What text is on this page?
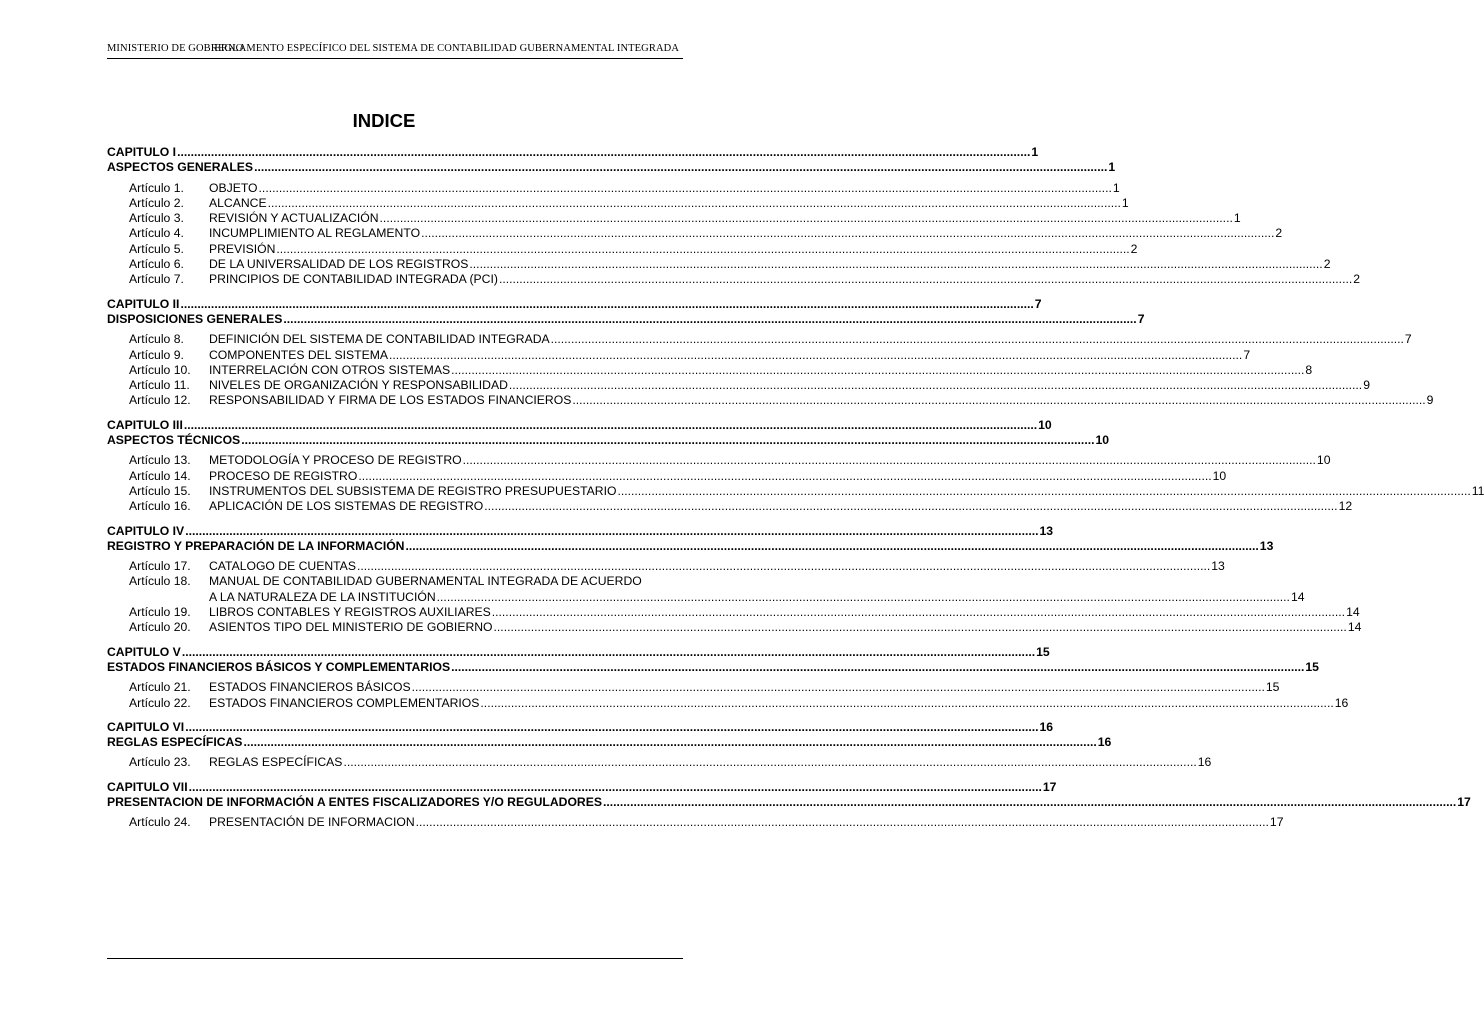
MINISTERIO DE GOBIERNO
REGLAMENTO ESPECÍFICO DEL SISTEMA DE CONTABILIDAD GUBERNAMENTAL INTEGRADA
INDICE
CAPITULO I .....	1
ASPECTOS GENERALES .....	1
Artículo 1.	OBJETO .....	1
Artículo 2.	ALCANCE .....	1
Artículo 3.	REVISIÓN Y ACTUALIZACIÓN .....	1
Artículo 4.	INCUMPLIMIENTO AL REGLAMENTO .....	2
Artículo 5.	PREVISIÓN .....	2
Artículo 6.	DE LA UNIVERSALIDAD DE LOS REGISTROS .....	2
Artículo 7.	PRINCIPIOS DE CONTABILIDAD INTEGRADA (PCI) .....	2
CAPITULO II .....	7
DISPOSICIONES GENERALES .....	7
Artículo 8.	DEFINICIÓN DEL SISTEMA DE CONTABILIDAD INTEGRADA .....	7
Artículo 9.	COMPONENTES DEL SISTEMA .....	7
Artículo 10.	INTERRELACIÓN CON OTROS SISTEMAS .....	8
Artículo 11.	NIVELES DE ORGANIZACIÓN Y RESPONSABILIDAD .....	9
Artículo 12.	RESPONSABILIDAD Y FIRMA DE LOS ESTADOS FINANCIEROS .....	9
CAPITULO III .....	10
ASPECTOS TÉCNICOS .....	10
Artículo 13.	METODOLOGÍA Y PROCESO DE REGISTRO .....	10
Artículo 14.	PROCESO DE REGISTRO .....	10
Artículo 15.	INSTRUMENTOS DEL SUBSISTEMA DE REGISTRO PRESUPUESTARIO .....	11
Artículo 16.	APLICACIÓN DE LOS SISTEMAS DE REGISTRO .....	12
CAPITULO IV .....	13
REGISTRO Y PREPARACIÓN DE LA INFORMACIÓN .....	13
Artículo 17.	CATALOGO DE CUENTAS .....	13
Artículo 18.	MANUAL DE CONTABILIDAD GUBERNAMENTAL INTEGRADA DE ACUERDO
A LA NATURALEZA DE LA INSTITUCIÓN .....	14
Artículo 19.	LIBROS CONTABLES Y REGISTROS AUXILIARES .....	14
Artículo 20.	ASIENTOS TIPO DEL MINISTERIO DE GOBIERNO .....	14
CAPITULO V .....	15
ESTADOS FINANCIEROS BÁSICOS Y COMPLEMENTARIOS .....	15
Artículo 21.	ESTADOS FINANCIEROS BÁSICOS .....	15
Artículo 22.	ESTADOS FINANCIEROS COMPLEMENTARIOS .....	16
CAPITULO VI .....	16
REGLAS ESPECÍFICAS .....	16
Artículo 23.	REGLAS ESPECÍFICAS .....	16
CAPITULO VII .....	17
PRESENTACION DE INFORMACIÓN A ENTES FISCALIZADORES Y/O REGULADORES .....	17
Artículo 24.	PRESENTACIÓN DE INFORMACION .....	17
